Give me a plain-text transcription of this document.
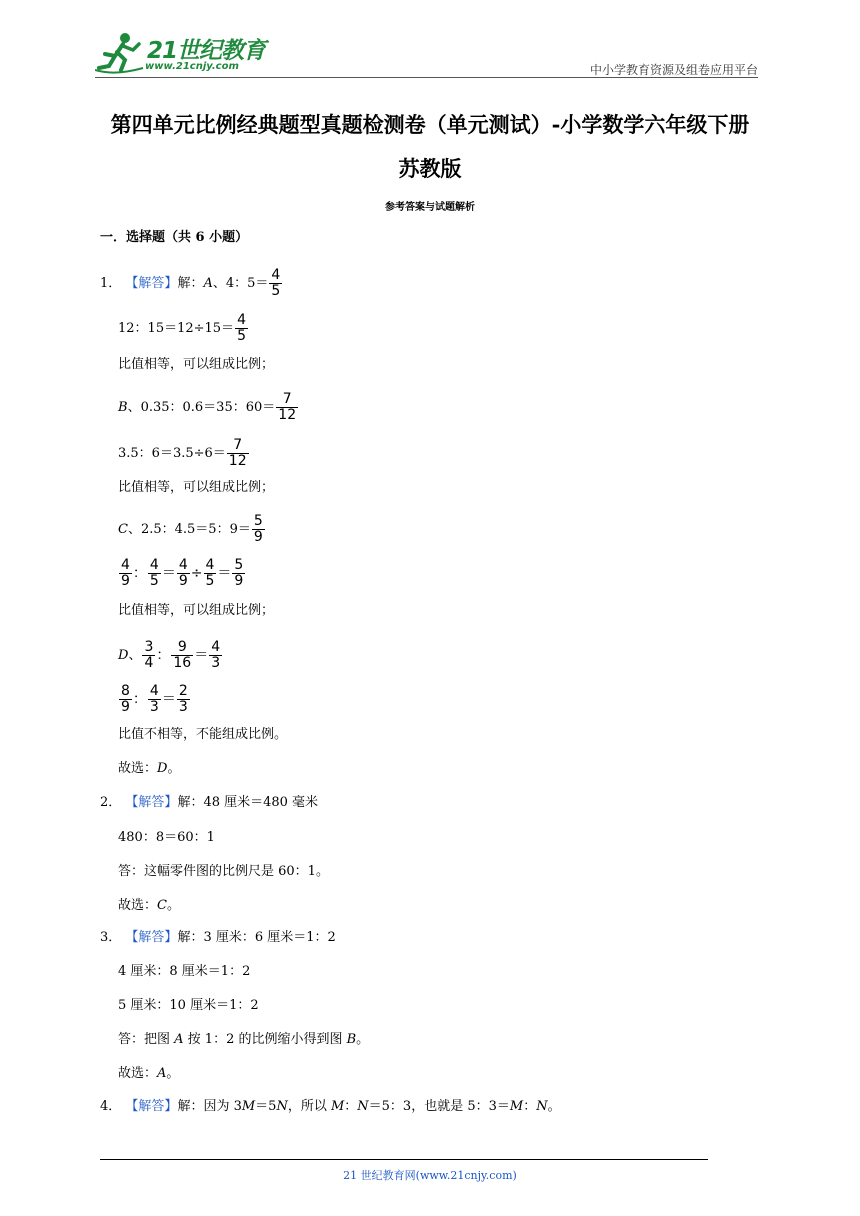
21世纪教育
www.21cnjy.com	中小学教育资源及组卷应用平台
第四单元比例经典题型真题检测卷（单元测试）-小学数学六年级下册
苏教版
参考答案与试题解析
一．选择题（共 6 小题）
1． 【解答】解：A、4：$5= \frac{4}{5}$
12：$15=12\div 15= \frac{4}{5}$
比值相等，可以组成比例；
B、0.35：0.6＝35：$60= \frac{7}{12}$
3.5：$6=3.5\div 6= \frac{7}{12}$
比值相等，可以组成比例；
C、2.5：4.5＝5：$9= \frac{5}{9}$
$\frac{4}{9}$ ： $\frac{4}{5} = \frac{4}{9} \div \frac{4}{5} = \frac{5}{9}$
比值相等，可以组成比例；
D、 $\frac{3}{4}$ ： $\frac{9}{16} = \frac{4}{3}$
$\frac{8}{9}$ ： $\frac{4}{3} = \frac{2}{3}$
比值不相等，不能组成比例。
故选：D。
2． 【解答】解：48 厘米＝480 毫米
480：8＝60：1
答：这幅零件图的比例尺是 60：1。
故选：C。
3． 【解答】解：3 厘米：6 厘米＝1：2
4 厘米：8 厘米＝1：2
5 厘米：10 厘米＝1：2
答：把图 A 按 1：2 的比例缩小得到图 B。
故选：A。
4． 【解答】解：因为 3M＝5N，所以 M：N＝5：3，也就是 5：3＝M：N。
21 世纪教育网(www.21cnjy.com)
